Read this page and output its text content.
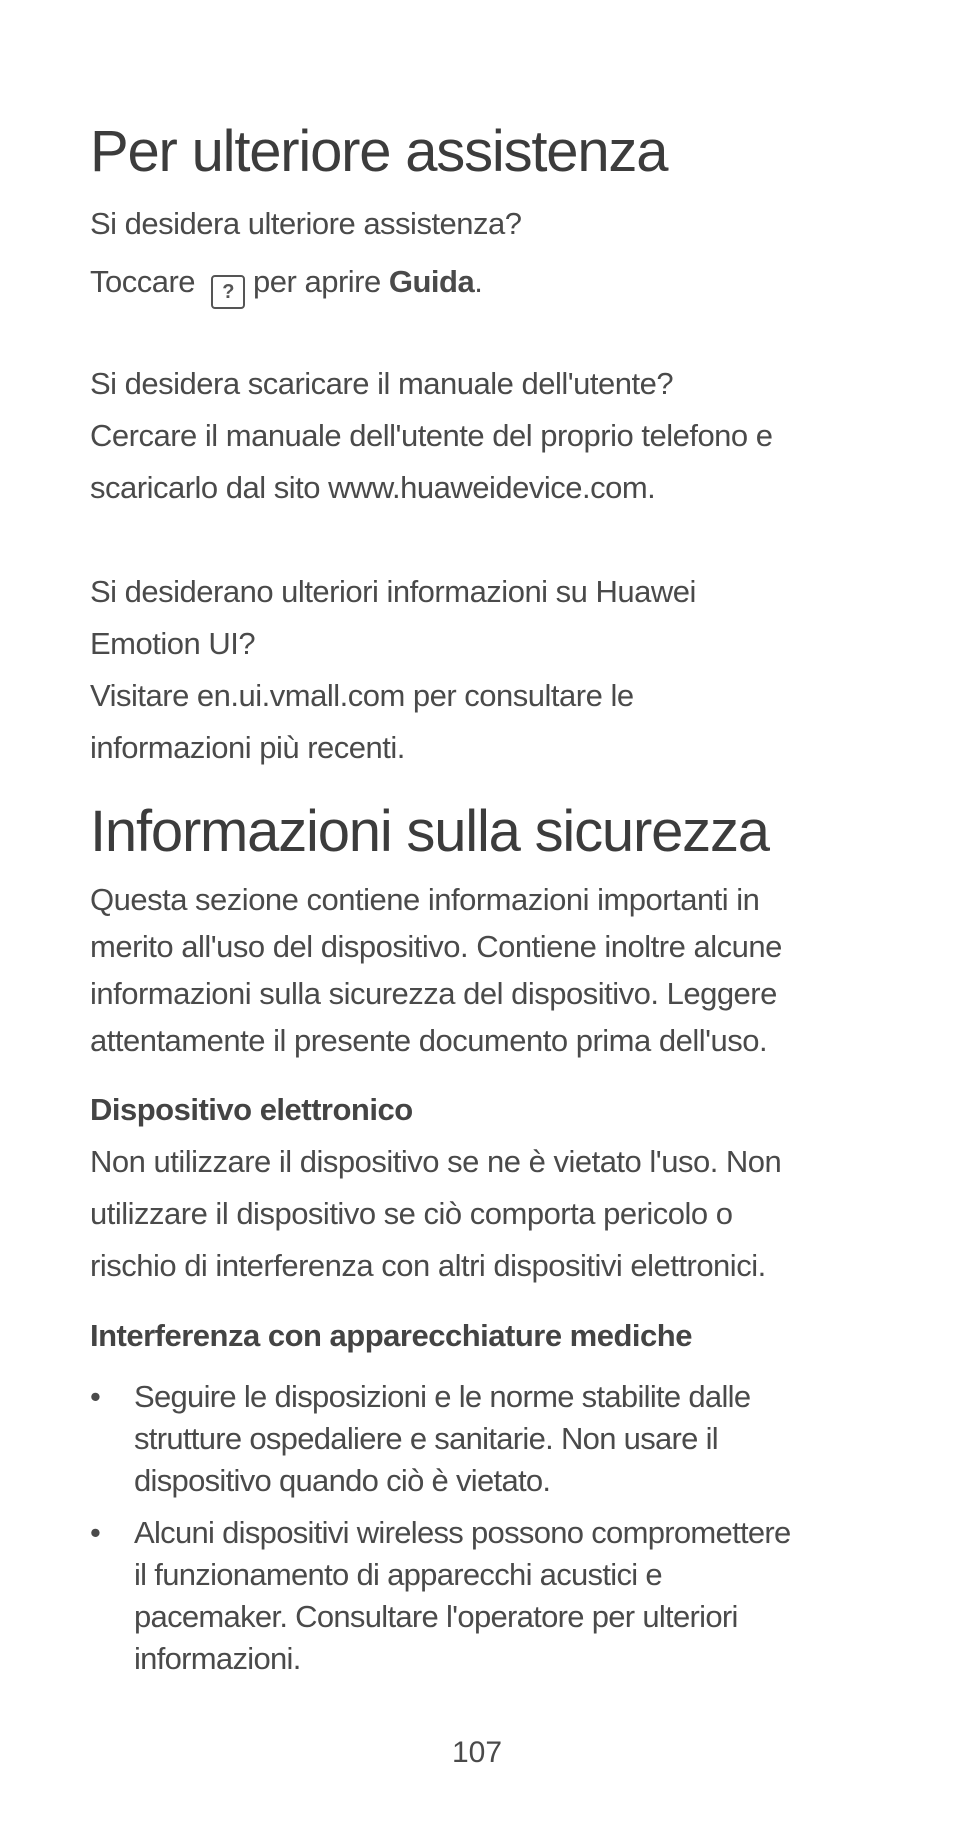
Per ulteriore assistenza

Si desidera ulteriore assistenza?

Toccare ? per aprire Guida.

Si desidera scaricare il manuale dell'utente?
Cercare il manuale dell'utente del proprio telefono e
scaricarlo dal sito www.huaweidevice.com.
Si desiderano ulteriori informazioni su Huawei
Emotion UI?
Visitare en.ui.vmall.com per consultare le
informazioni più recenti.
Informazioni sulla sicurezza
Questa sezione contiene informazioni importanti in
merito all'uso del dispositivo. Contiene inoltre alcune
informazioni sulla sicurezza del dispositivo. Leggere
attentamente il presente documento prima dell'uso.
Dispositivo elettronico
Non utilizzare il dispositivo se ne è vietato l'uso. Non
utilizzare il dispositivo se ciò comporta pericolo o
rischio di interferenza con altri dispositivi elettronici.
Interferenza con apparecchiature mediche
• Seguire le disposizioni e le norme stabilite dalle
strutture ospedaliere e sanitarie. Non usare il
dispositivo quando ciò è vietato.
• Alcuni dispositivi wireless possono compromettere
il funzionamento di apparecchi acustici e
pacemaker. Consultare l'operatore per ulteriori
informazioni.
107
